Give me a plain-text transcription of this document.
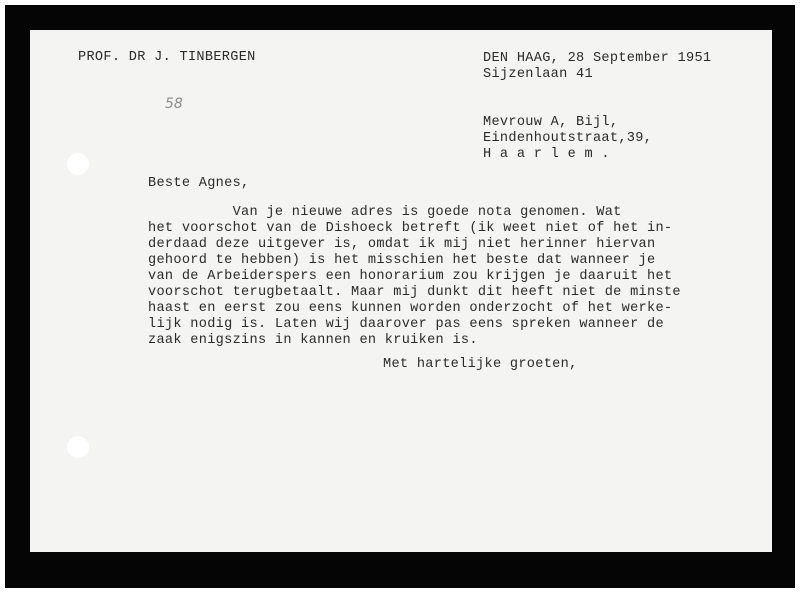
PROF. DR J. TINBERGEN	DEN HAAG, 28 September 1951

Sijzenlaan 41

58

Mevrouw A, Bijl,

Eindenhoutstraat,39,

H a a r l e m .

Beste Agnes,

Van je nieuwe adres is goede nota genomen. Wat

het voorschot van de Dishoeck betreft (ik weet niet of het in-

derdaad deze uitgever is, omdat ik mij niet herinner hiervan

gehoord te hebben) is het misschien het beste dat wanneer je

van de Arbeiderspers een honorarium zou krijgen je daaruit het

voorschot terugbetaalt. Maar mij dunkt dit heeft niet de minste

haast en eerst zou eens kunnen worden onderzocht of het werke-

lijk nodig is. Laten wij daarover pas eens spreken wanneer de

zaak enigszins in kannen en kruiken is.

Met hartelijke groeten,
